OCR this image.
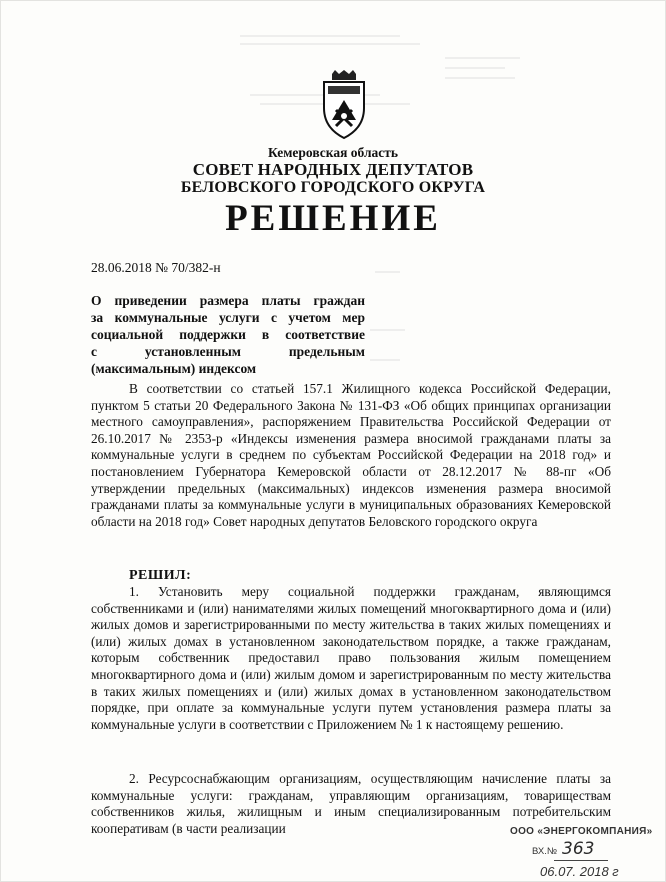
Кемеровская область
СОВЕТ НАРОДНЫХ ДЕПУТАТОВ
БЕЛОВСКОГО ГОРОДСКОГО ОКРУГА
РЕШЕНИЕ
28.06.2018 № 70/382-н
О приведении размера платы граждан
за коммунальные услуги с учетом мер
социальной поддержки в соответствие
с установленным предельным
(максимальным) индексом
В соответствии со статьей 157.1 Жилищного кодекса Российской Федерации, пунктом 5 статьи 20 Федерального Закона № 131-ФЗ «Об общих принципах организации местного самоуправления», распоряжением Правительства Российской Федерации от 26.10.2017 № 2353-р «Индексы изменения размера вносимой гражданами платы за коммунальные услуги в среднем по субъектам Российской Федерации на 2018 год» и постановлением Губернатора Кемеровской области от 28.12.2017 № 88-пг «Об утверждении предельных (максимальных) индексов изменения размера вносимой гражданами платы за коммунальные услуги в муниципальных образованиях Кемеровской области на 2018 год» Совет народных депутатов Беловского городского округа
РЕШИЛ:
1. Установить меру социальной поддержки гражданам, являющимся собственниками и (или) нанимателями жилых помещений многоквартирного дома и (или) жилых домов и зарегистрированными по месту жительства в таких жилых помещениях и (или) жилых домах в установленном законодательством порядке, а также гражданам, которым собственник предоставил право пользования жилым помещением многоквартирного дома и (или) жилым домом и зарегистрированным по месту жительства в таких жилых помещениях и (или) жилых домах в установленном законодательством порядке, при оплате за коммунальные услуги путем установления размера платы за коммунальные услуги в соответствии с Приложением № 1 к настоящему решению.
2. Ресурсоснабжающим организациям, осуществляющим начисление платы за коммунальные услуги: гражданам, управляющим организациям, товариществам собственников жилья, жилищным и иным специализированным потребительским кооперативам (в части реализации	ООО «ЭНЕРГОКОМПАНИЯ»
ВХ.№ 363
06.07. 2018 г
